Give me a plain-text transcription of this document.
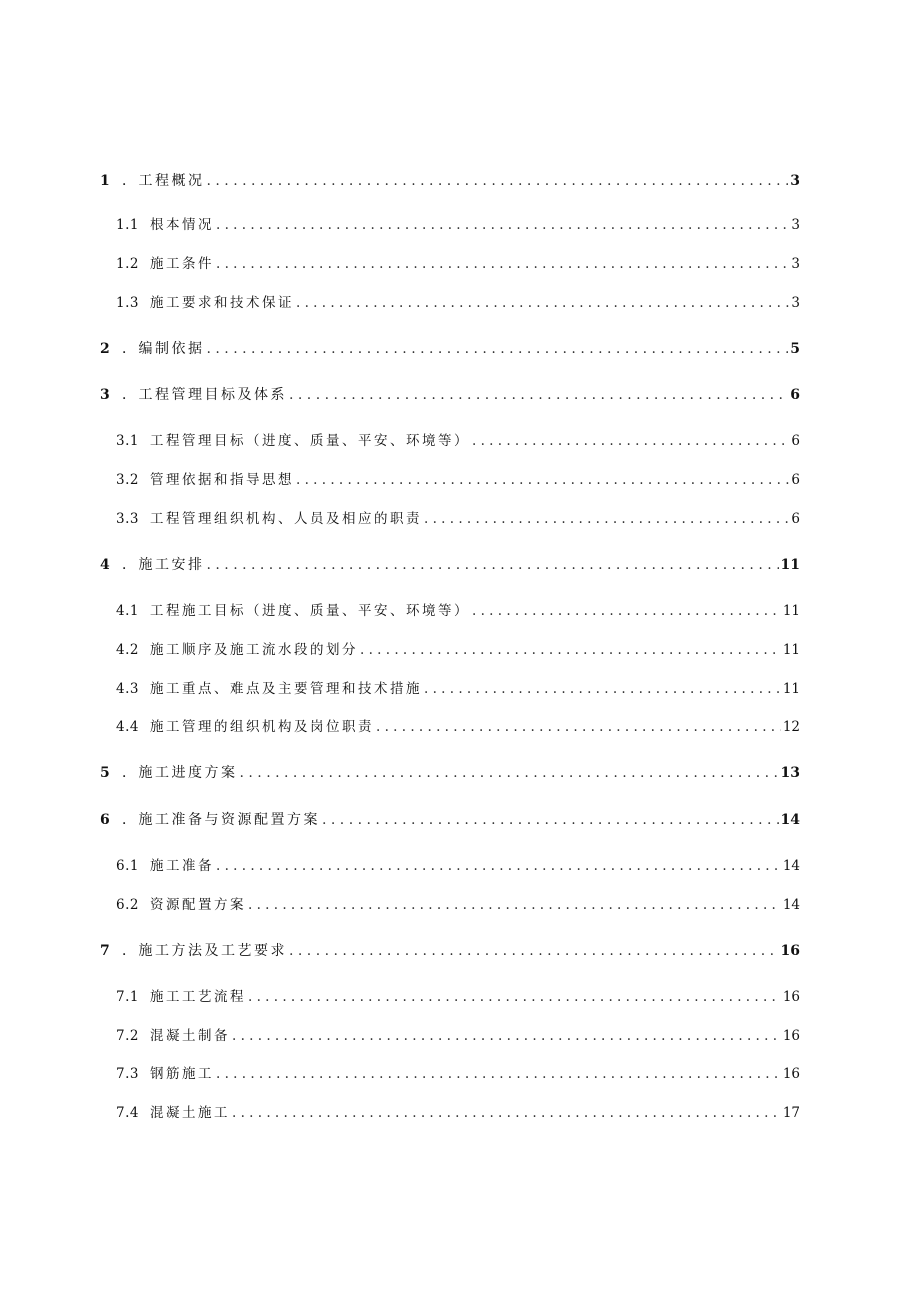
1 ．工程概况 . . .	3
1.1 根本情况 . . .	3
1.2 施工条件 . . .	3
1.3 施工要求和技术保证 . . .	3
2 ．编制依据 . . .	5
3 ．工程管理目标及体系 . . .	6
3.1 工程管理目标（进度、质量、平安、环境等） . . .	6
3.2 管理依据和指导思想 . . .	6
3.3 工程管理组织机构、人员及相应的职责 . . .	6
4 ．施工安排 . . .	11
4.1 工程施工目标（进度、质量、平安、环境等） . . .	11
4.2 施工顺序及施工流水段的划分 . . .	11
4.3 施工重点、难点及主要管理和技术措施 . . .	11
4.4 施工管理的组织机构及岗位职责 . . .	12
5 ．施工进度方案 . . .	13
6 ．施工准备与资源配置方案 . . .	14
6.1 施工准备 . . .	14
6.2 资源配置方案 . . .	14
7 ．施工方法及工艺要求 . . .	16
7.1 施工工艺流程 . . .	16
7.2 混凝土制备 . . .	16
7.3 钢筋施工 . . .	16
7.4 混凝土施工 . . .	17
